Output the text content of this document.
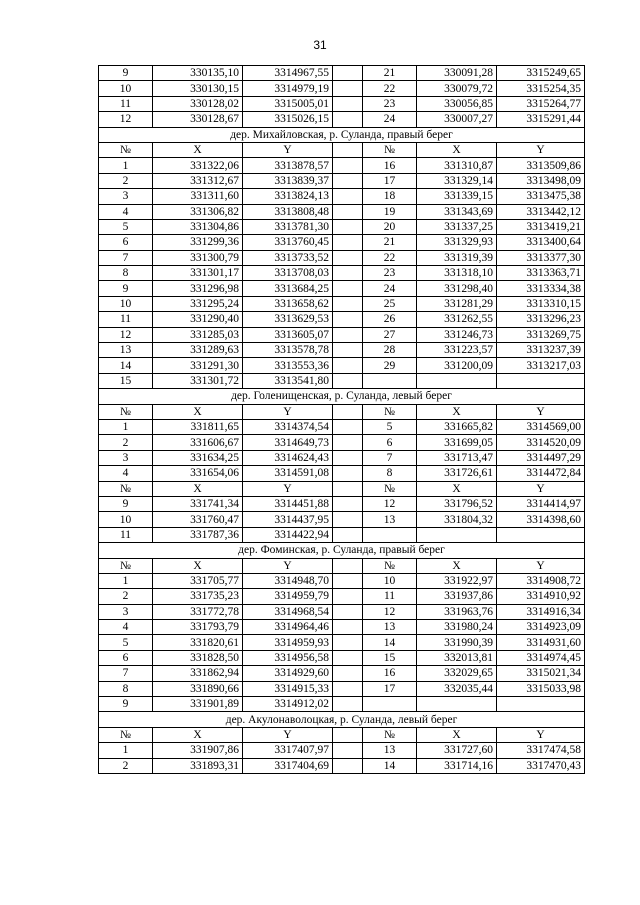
31
9	330135,10	3314967,55		21	330091,28	3315249,65
10	330130,15	3314979,19		22	330079,72	3315254,35
11	330128,02	3315005,01		23	330056,85	3315264,77
12	330128,67	3315026,15		24	330007,27	3315291,44
дер. Михайловская, р. Суланда, правый берег						
№	X	Y		№	X	Y
1	331322,06	3313878,57		16	331310,87	3313509,86
2	331312,67	3313839,37		17	331329,14	3313498,09
3	331311,60	3313824,13		18	331339,15	3313475,38
4	331306,82	3313808,48		19	331343,69	3313442,12
5	331304,86	3313781,30		20	331337,25	3313419,21
6	331299,36	3313760,45		21	331329,93	3313400,64
7	331300,79	3313733,52		22	331319,39	3313377,30
8	331301,17	3313708,03		23	331318,10	3313363,71
9	331296,98	3313684,25		24	331298,40	3313334,38
10	331295,24	3313658,62		25	331281,29	3313310,15
11	331290,40	3313629,53		26	331262,55	3313296,23
12	331285,03	3313605,07		27	331246,73	3313269,75
13	331289,63	3313578,78		28	331223,57	3313237,39
14	331291,30	3313553,36		29	331200,09	3313217,03
15	331301,72	3313541,80				
дер. Голенищенская, р. Суланда, левый берег						
№	X	Y		№	X	Y
1	331811,65	3314374,54		5	331665,82	3314569,00
2	331606,67	3314649,73		6	331699,05	3314520,09
3	331634,25	3314624,43		7	331713,47	3314497,29
4	331654,06	3314591,08		8	331726,61	3314472,84
№	X	Y		№	X	Y
9	331741,34	3314451,88		12	331796,52	3314414,97
10	331760,47	3314437,95		13	331804,32	3314398,60
11	331787,36	3314422,94				
дер. Фоминская, р. Суланда, правый берег						
№	X	Y		№	X	Y
1	331705,77	3314948,70		10	331922,97	3314908,72
2	331735,23	3314959,79		11	331937,86	3314910,92
3	331772,78	3314968,54		12	331963,76	3314916,34
4	331793,79	3314964,46		13	331980,24	3314923,09
5	331820,61	3314959,93		14	331990,39	3314931,60
6	331828,50	3314956,58		15	332013,81	3314974,45
7	331862,94	3314929,60		16	332029,65	3315021,34
8	331890,66	3314915,33		17	332035,44	3315033,98
9	331901,89	3314912,02				
дер. Акулонаволоцкая, р. Суланда, левый берег						
№	X	Y		№	X	Y
1	331907,86	3317407,97		13	331727,60	3317474,58
2	331893,31	3317404,69		14	331714,16	3317470,43
